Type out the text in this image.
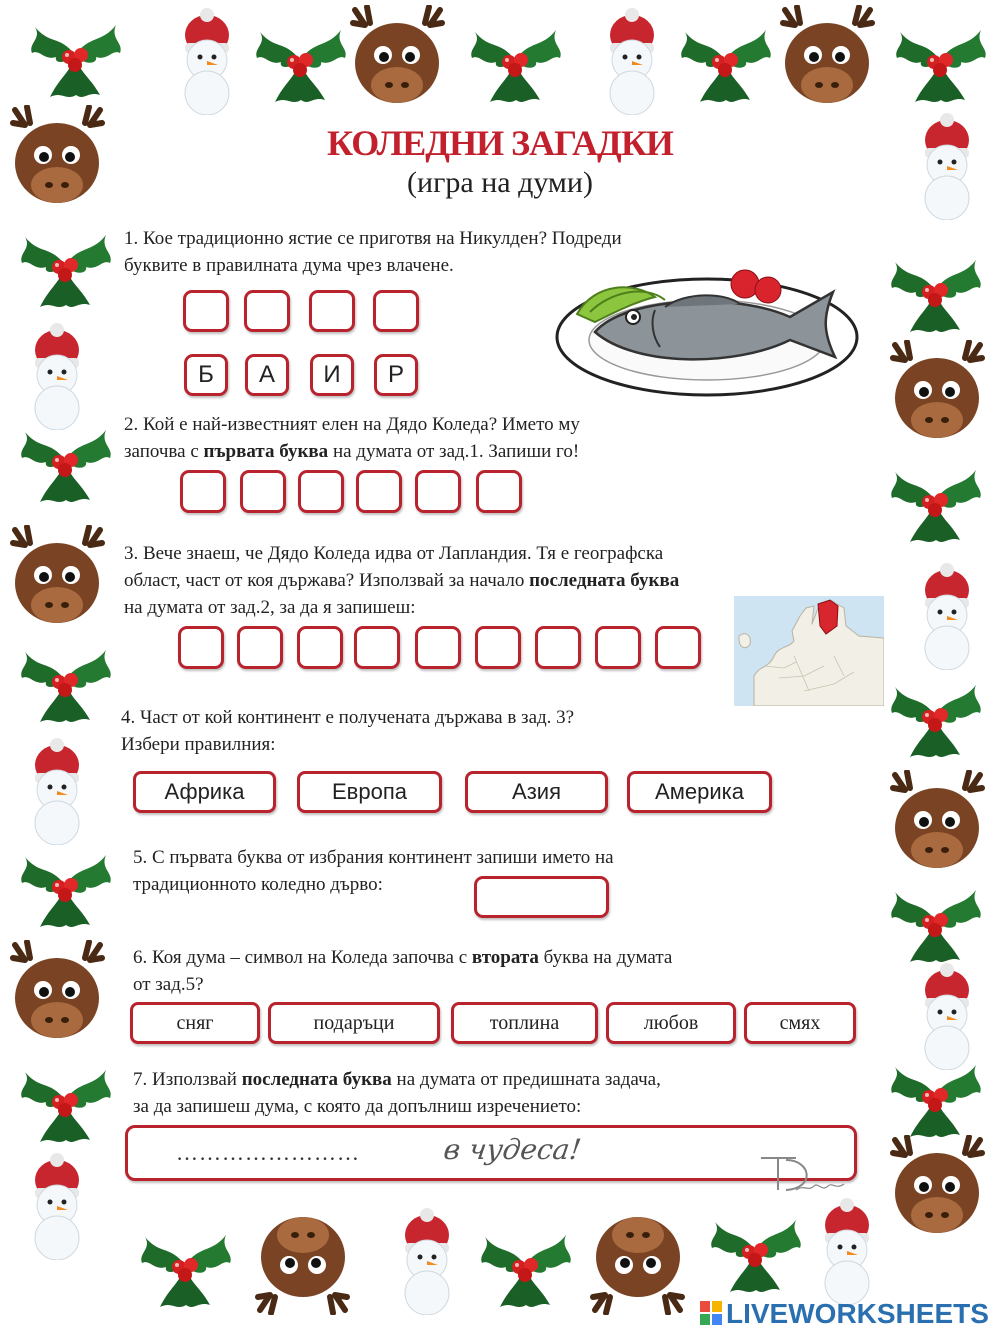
КОЛЕДНИ ЗАГАДКИ
(игра на думи)
1. Кое традиционно ястие се приготвя на Никулден? Подреди
буквите в правилната дума чрез влачене.
Б	А	И	Р
2. Кой е най-известният елен на Дядо Коледа? Името му
започва с първата буква на думата от зад.1. Запиши го!
3. Вече знаеш, че Дядо Коледа идва от Лапландия. Тя е географска
област, част от коя държава? Използвай за начало последната буква
на думата от зад.2, за да я запишеш:
4. Част от кой континент е получената държава в зад. 3?
Избери правилния:
Африка	Европа	Азия	Америка
5. С първата буква от избрания континент запиши името на
традиционното коледно дърво:
6. Коя дума – символ на Коледа започва с втората буква на думата
от зад.5?
сняг	подаръци	топлина	любов	смях
7. Използвай последната буква на думата от предишната задача,
за да запишеш дума, с която да допълниш изречението:
……………………	в чудеса!
LIVEWORKSHEETS
